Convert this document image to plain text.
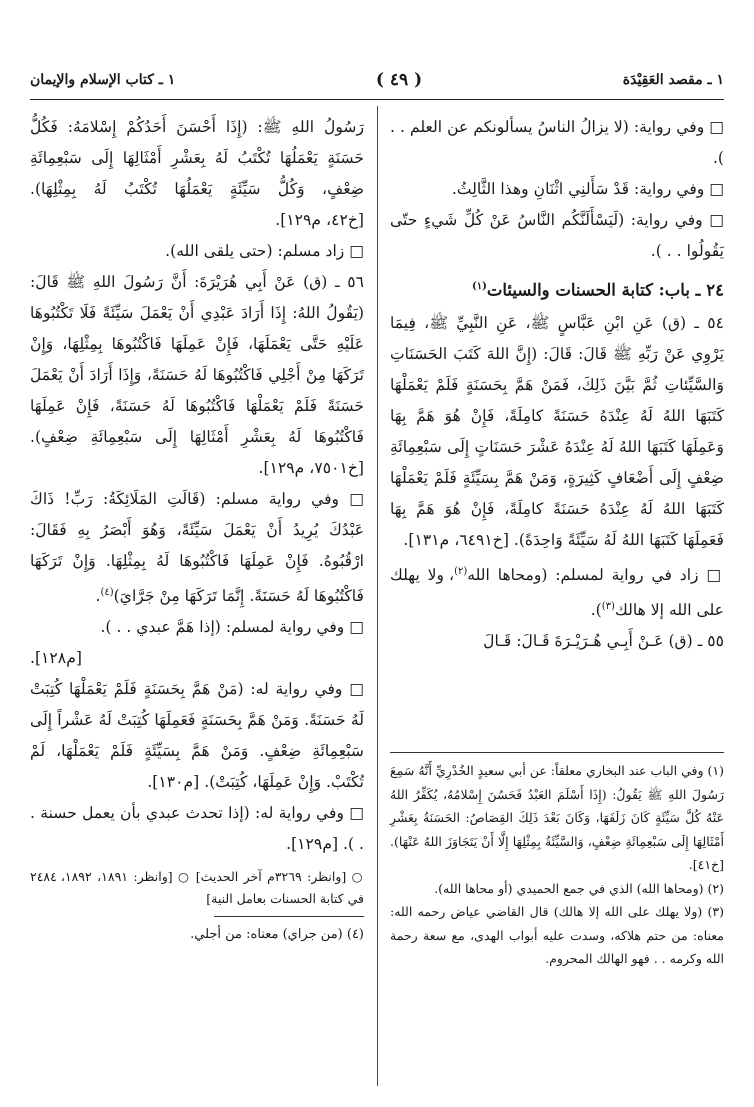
١ ـ مقصد العَقِيْدَة
( ٤٩ )
١ ـ كتاب الإسلام والإيمان

□ وفي رواية: (لا يزالُ الناسُ يسألونكم عن العلم . . ).

□ وفي رواية: قَدْ سَأَلنِي اثْنَانِ وهذا الثَّالِثُ.

□ وفي رواية: (لَيَسْأَلَنَّكُم النَّاسُ عَنْ كُلِّ شَيءٍ حتّى يَقُولُوا . . ).

٢٤ ـ باب: كتابة الحسنات والسيئات$^{(١)}$

٥٤ ـ (ق) عَنِ ابْنِ عَبَّاسٍ ﷺ، عَنِ النَّبِيِّ ﷺ، فِيمَا يَرْوِي عَنْ رَبِّهِ ﷺ قَالَ: قَالَ: (إِنَّ اللهَ كَتَبَ الحَسَنَاتِ وَالسَّيِّئاتِ ثُمَّ بَيَّنَ ذَلِكَ، فَمَنْ هَمَّ بِحَسَنَةٍ فَلَمْ يَعْمَلْهَا كَتَبَهَا اللهُ لَهُ عِنْدَهُ حَسَنَةً كامِلَةً، فَإِنْ هُوَ هَمَّ بِهَا وَعَمِلَهَا كَتَبَهَا اللهُ لَهُ عِنْدَهُ عَشْرَ حَسَنَاتٍ إِلَى سَبْعِمِائَةِ ضِعْفٍ إِلَى أَضْعَافٍ كَثِيرَةٍ، وَمَنْ هَمَّ بِسَيِّئَةٍ فَلَمْ يَعْمَلْهَا كَتَبَهَا اللهُ لَهُ عِنْدَهُ حَسَنَةً كامِلَةً، فَإِنْ هُوَ هَمَّ بِهَا فَعَمِلَهَا كَتَبَهَا اللهُ لَهُ سَيِّئَةً وَاحِدَةً). [خ٦٤٩١، م١٣١].

□ زاد في رواية لمسلم: (ومحاها الله$^{(٢)}$، ولا يهلك على الله إلا هالك$^{(٣)}$).

٥٥ ـ (ق) عَـنْ أَبِـي هُـرَيْـرَةَ قَـالَ: قَـالَ

(١) وفي الباب عند البخاري معلقاً: عن أبي سعيدٍ الخُدْرِيِّ أَنَّهُ سَمِعَ رَسُولَ اللهِ ﷺ يَقُولُ: (إِذَا أَسْلَمَ العَبْدُ فَحَسُنَ إِسْلامُهُ، يُكَفِّرُ اللهُ عَنْهُ كُلَّ سَيِّئَةٍ كَانَ زَلَفَهَا، وَكَانَ بَعْدَ ذَلِكَ القِصَاصُ: الحَسَنَةُ بِعَشْرِ أَمْثَالِهَا إِلَى سَبْعِمِائَةِ ضِعْفٍ، وَالسَّيِّئَةُ بِمِثْلِهَا إِلَّا أَنْ يَتَجَاوَزَ اللهُ عَنْهَا). [خ٤١].

(٢) (ومحاها الله) الذي في جمع الحميدي (أو محاها الله).

(٣) (ولا يهلك على الله إلا هالك) قال القاضي عياض رحمه الله: معناه: من حتم هلاكه، وسدت عليه أبواب الهدى، مع سعة رحمة الله وكرمه . . فهو الهالك المحروم.

رَسُولُ اللهِ ﷺ: (إِذَا أَحْسَنَ أَحَدُكُمْ إِسْلامَهُ: فَكُلُّ حَسَنَةٍ يَعْمَلُهَا تُكْتَبُ لَهُ بِعَشْرِ أَمْثَالِهَا إِلَى سَبْعِمِائَةِ ضِعْفٍ، وَكُلُّ سَيِّئَةٍ يَعْمَلُهَا تُكْتَبُ لَهُ بِمِثْلِهَا). [خ٤٢، م١٢٩].

□ زاد مسلم: (حتى يلقى الله).

٥٦ ـ (ق) عَنْ أَبِي هُرَيْرَةَ: أَنَّ رَسُولَ اللهِ ﷺ قَالَ: (يَقُولُ اللهُ: إِذَا أَرَادَ عَبْدِي أَنْ يَعْمَلَ سَيِّئَةً فَلَا تَكْتُبُوهَا عَلَيْهِ حَتَّى يَعْمَلَهَا، فَإِنْ عَمِلَهَا فَاكْتُبُوهَا بِمِثْلِهَا، وَإِنْ تَرَكَهَا مِنْ أَجْلِي فَاكْتُبُوهَا لَهُ حَسَنَةً، وَإِذَا أَرَادَ أَنْ يَعْمَلَ حَسَنَةً فَلَمْ يَعْمَلْهَا فَاكْتُبُوهَا لَهُ حَسَنَةً، فَإِنْ عَمِلَهَا فَاكْتُبُوهَا لَهُ بِعَشْرِ أَمْثَالِهَا إِلَى سَبْعِمِائَةِ ضِعْفٍ). [خ٧٥٠١، م١٢٩].

□ وفي رواية مسلم: (قَالَتِ المَلَائِكَةُ: رَبِّ! ذَاكَ عَبْدُكَ يُرِيدُ أَنْ يَعْمَلَ سَيِّئَةً، وَهُوَ أَبْصَرُ بِهِ فَقَالَ: ارْقُبُوهُ. فَإِنْ عَمِلَهَا فَاكْتُبُوهَا لَهُ بِمِثْلِهَا. وَإِنْ تَرَكَهَا فَاكْتُبُوهَا لَهُ حَسَنَةً. إِنَّمَا تَرَكَهَا مِنْ جَرَّايَ)$^{(٤)}$.

□ وفي رواية لمسلم: (إذا هَمَّ عبدي . . ).

[م١٢٨].

□ وفي رواية له: (مَنْ هَمَّ بِحَسَنَةٍ فَلَمْ يَعْمَلْهَا كُتِبَتْ لَهُ حَسَنَةً. وَمَنْ هَمَّ بِحَسَنَةٍ فَعَمِلَهَا كُتِبَتْ لَهُ عَشْراً إِلَى سَبْعِمِائَةِ ضِعْفٍ. وَمَنْ هَمَّ بِسَيِّئَةٍ فَلَمْ يَعْمَلْهَا، لَمْ تُكْتَبْ. وَإِنْ عَمِلَهَا، كُتِبَتْ). [م١٣٠].

□ وفي رواية له: (إذا تحدث عبدي بأن يعمل حسنة . . ). [م١٢٩].

○ [وانظر: ٣٢٦٩م آخر الحديث] ○ [وانظر: ١٨٩١، ١٨٩٢، ٢٤٨٤ في كتابة الحسنات بعامل النية]

(٤) (من جراي) معناه: من أجلي.
